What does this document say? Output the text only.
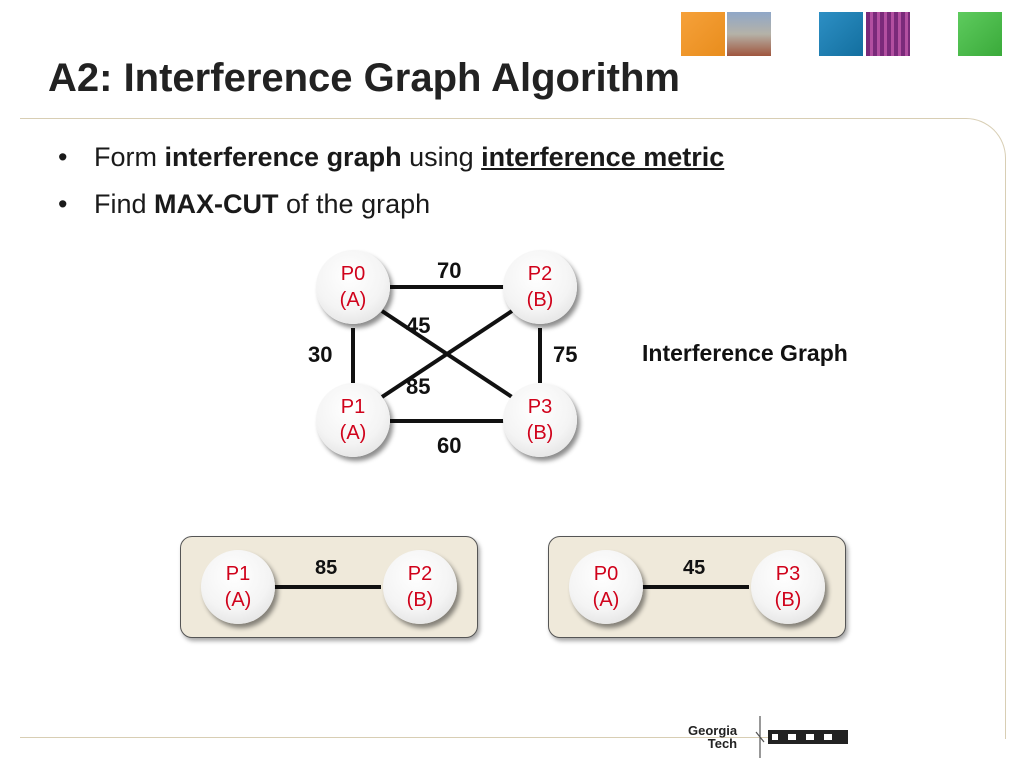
A2: Interference Graph Algorithm
• Form interference graph using interference metric
• Find MAX-CUT of the graph
P0
(A)
P2
(B)
P1
(A)
P3
(B)
70
45
30	75
85
60
Interference Graph
P1
(A)
P2
(B)
85	P0
(A)
P3
(B)
45
Georgia
Tech
